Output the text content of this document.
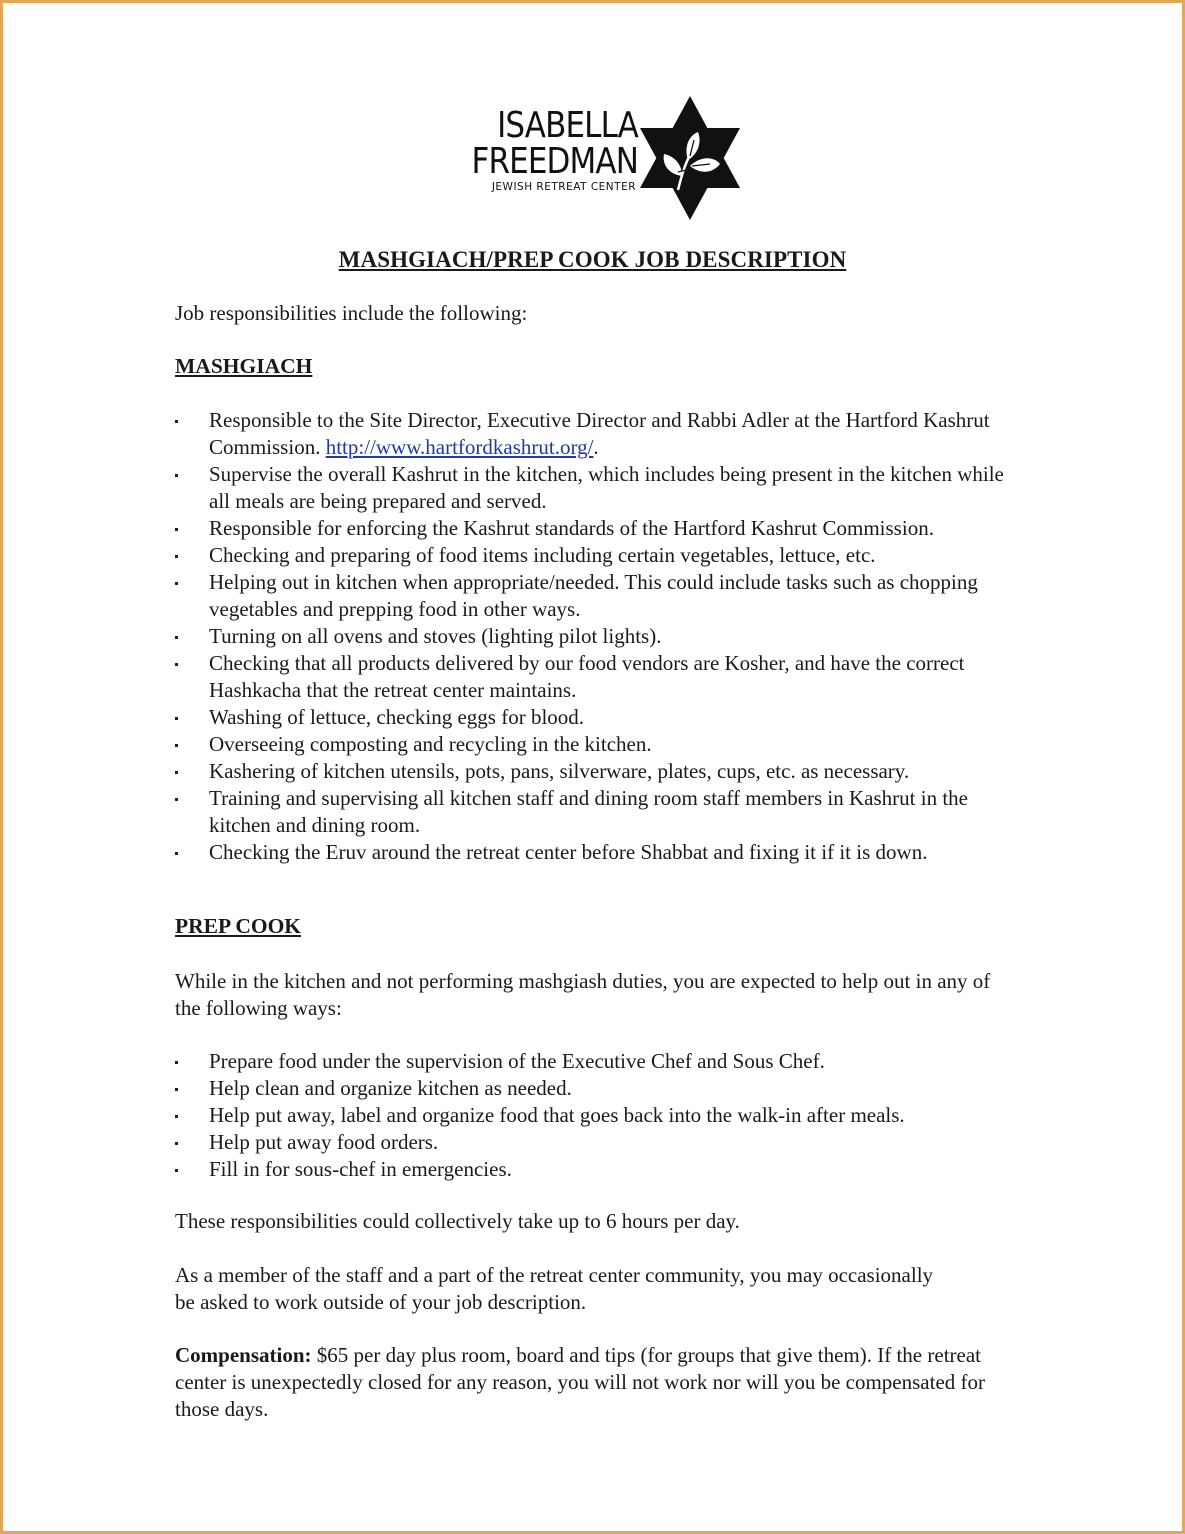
ISABELLA
FREEDMAN
JEWISH RETREAT CENTER
MASHGIACH/PREP COOK JOB DESCRIPTION

Job responsibilities include the following:

MASHGIACH
Responsible to the Site Director, Executive Director and Rabbi Adler at the Hartford Kashrut Commission. http://www.hartfordkashrut.org/.
Supervise the overall Kashrut in the kitchen, which includes being present in the kitchen while all meals are being prepared and served.
Responsible for enforcing the Kashrut standards of the Hartford Kashrut Commission.
Checking and preparing of food items including certain vegetables, lettuce, etc.
Helping out in kitchen when appropriate/needed. This could include tasks such as chopping vegetables and prepping food in other ways.
Turning on all ovens and stoves (lighting pilot lights).
Checking that all products delivered by our food vendors are Kosher, and have the correct Hashkacha that the retreat center maintains.
Washing of lettuce, checking eggs for blood.
Overseeing composting and recycling in the kitchen.
Kashering of kitchen utensils, pots, pans, silverware, plates, cups, etc. as necessary.
Training and supervising all kitchen staff and dining room staff members in Kashrut in the kitchen and dining room.
Checking the Eruv around the retreat center before Shabbat and fixing it if it is down.
PREP COOK

While in the kitchen and not performing mashgiash duties, you are expected to help out in any of the following ways:

Prepare food under the supervision of the Executive Chef and Sous Chef.
Help clean and organize kitchen as needed.
Help put away, label and organize food that goes back into the walk-in after meals.
Help put away food orders.
Fill in for sous-chef in emergencies.

These responsibilities could collectively take up to 6 hours per day.

As a member of the staff and a part of the retreat center community, you may occasionally be asked to work outside of your job description.

Compensation: $65 per day plus room, board and tips (for groups that give them). If the retreat center is unexpectedly closed for any reason, you will not work nor will you be compensated for those days.
